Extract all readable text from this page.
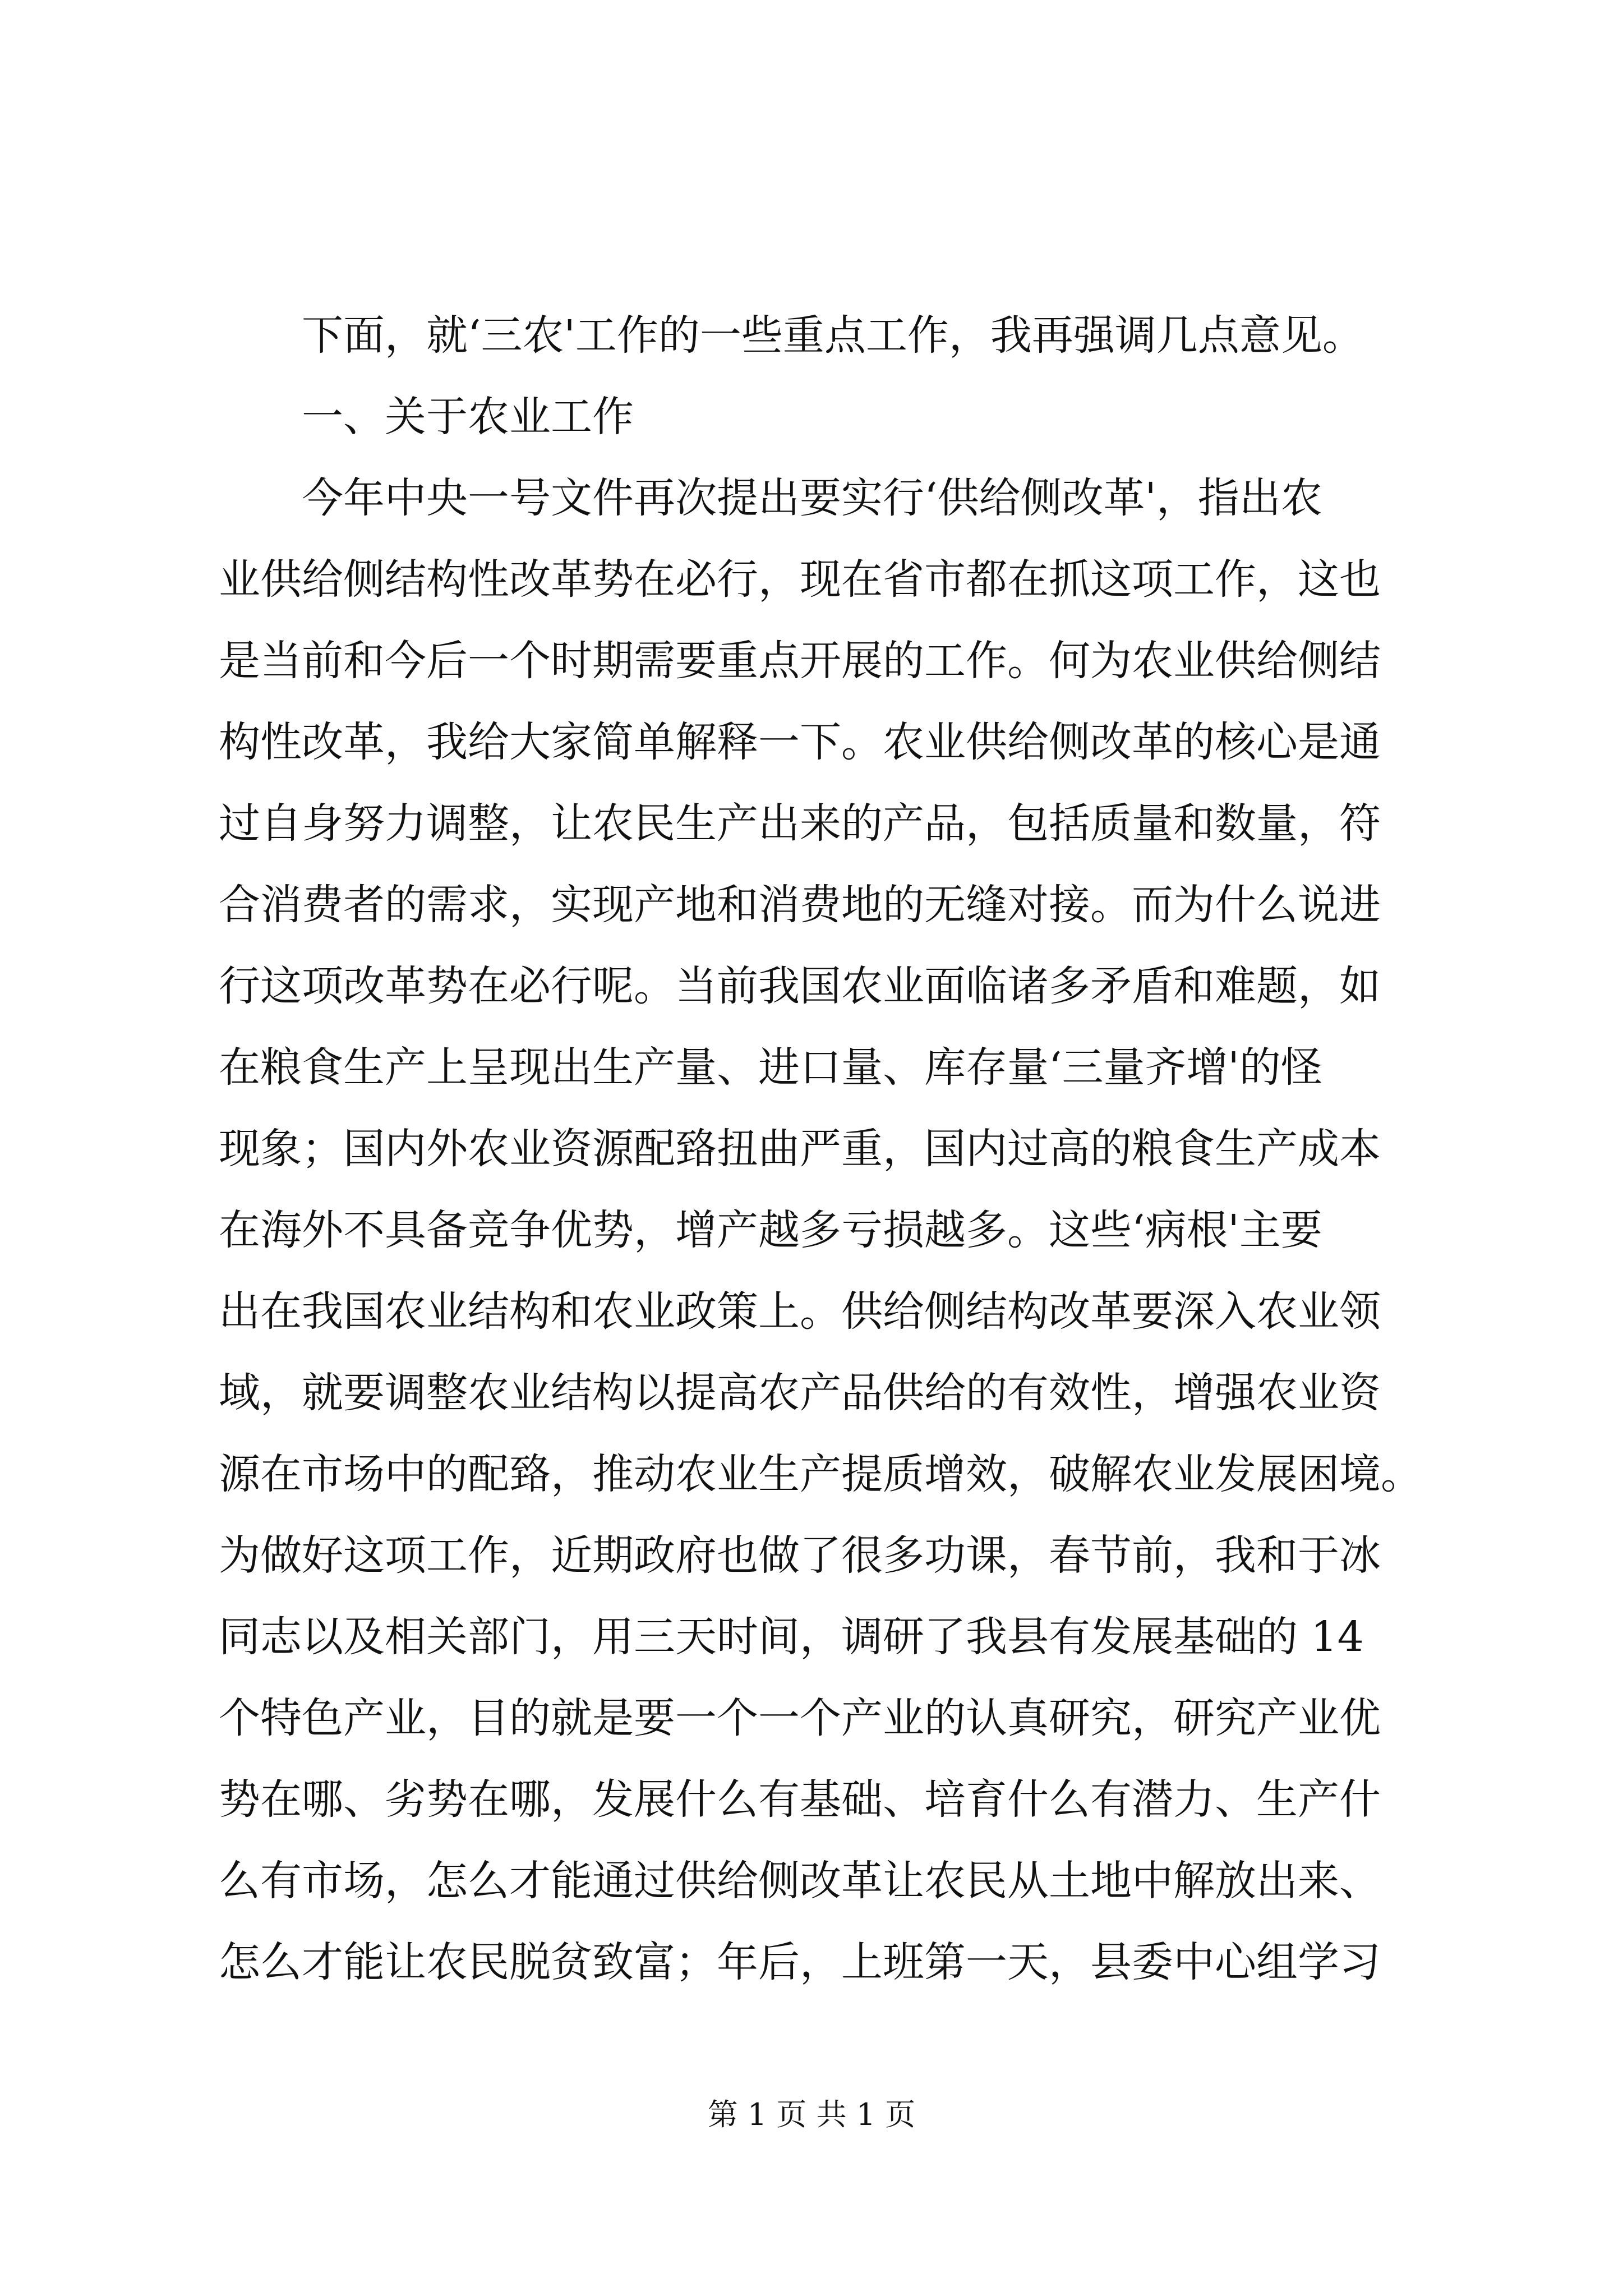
下面，就‘三农'工作的一些重点工作，我再强调几点意见。
一、关于农业工作
今年中央一号文件再次提出要实行‘供给侧改革'，指出农
业供给侧结构性改革势在必行，现在省市都在抓这项工作，这也
是当前和今后一个时期需要重点开展的工作。何为农业供给侧结
构性改革，我给大家简单解释一下。农业供给侧改革的核心是通
过自身努力调整，让农民生产出来的产品，包括质量和数量，符
合消费者的需求，实现产地和消费地的无缝对接。而为什么说进
行这项改革势在必行呢。当前我国农业面临诸多矛盾和难题，如
在粮食生产上呈现出生产量、进口量、库存量‘三量齐增'的怪
现象；国内外农业资源配臵扭曲严重，国内过高的粮食生产成本
在海外不具备竞争优势，增产越多亏损越多。这些‘病根'主要
出在我国农业结构和农业政策上。供给侧结构改革要深入农业领
域，就要调整农业结构以提高农产品供给的有效性，增强农业资
源在市场中的配臵，推动农业生产提质增效，破解农业发展困境。
为做好这项工作，近期政府也做了很多功课，春节前，我和于冰
同志以及相关部门，用三天时间，调研了我县有发展基础的 14
个特色产业，目的就是要一个一个产业的认真研究，研究产业优
势在哪、劣势在哪，发展什么有基础、培育什么有潜力、生产什
么有市场，怎么才能通过供给侧改革让农民从土地中解放出来、
怎么才能让农民脱贫致富；年后，上班第一天，县委中心组学习
第 1 页 共 1 页
